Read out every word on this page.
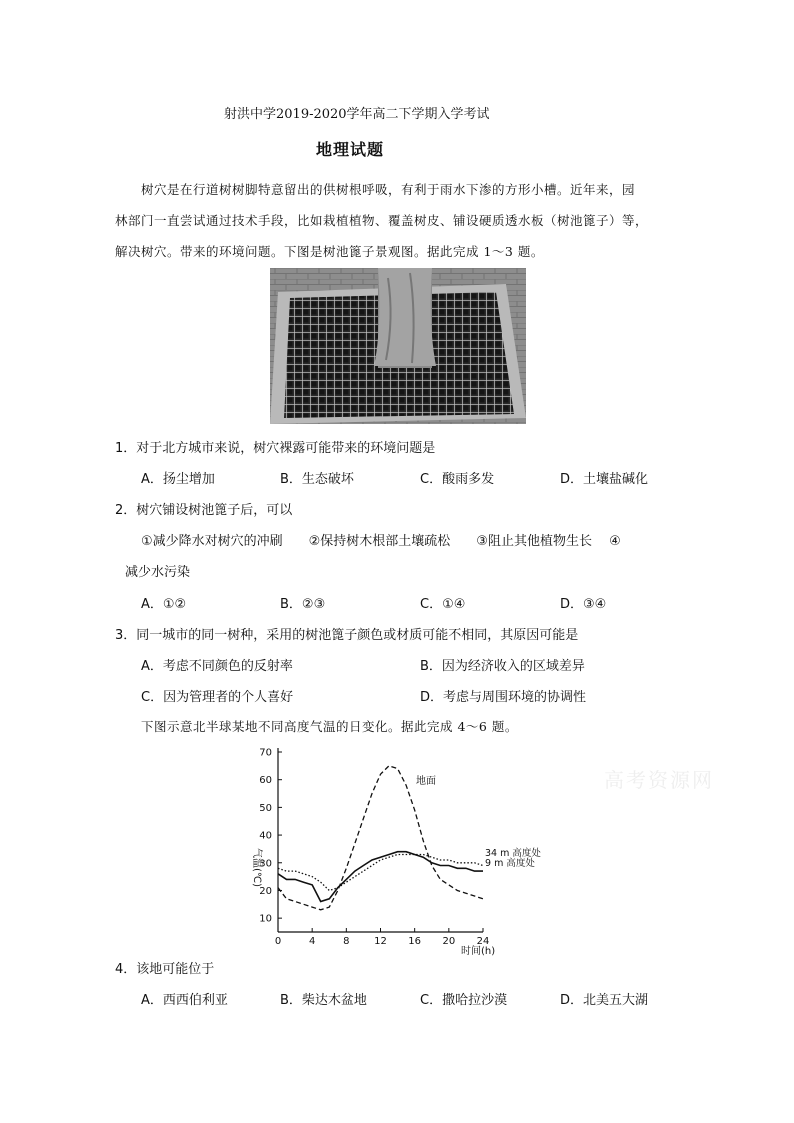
射洪中学2019-2020学年高二下学期入学考试
地理试题
树穴是在行道树树脚特意留出的供树根呼吸，有利于雨水下渗的方形小槽。近年来，园
林部门一直尝试通过技术手段，比如栽植植物、覆盖树皮、铺设硬质透水板（树池篦子）等，
解决树穴。带来的环境问题。下图是树池篦子景观图。据此完成 1～3 题。
1．对于北方城市来说，树穴裸露可能带来的环境问题是
A．扬尘增加	B．生态破坏	C．酸雨多发	D．土壤盐碱化
2．树穴铺设树池篦子后，可以
①减少降水对树穴的冲刷　　②保持树木根部土壤疏松　　③阻止其他植物生长　 ④
减少水污染
A．①②	B．②③	C．①④	D．③④
3．同一城市的同一树种，采用的树池篦子颜色或材质可能不相同，其原因可能是
A．考虑不同颜色的反射率	B．因为经济收入的区域差异
C．因为管理者的个人喜好	D．考虑与周围环境的协调性
下图示意北半球某地不同高度气温的日变化。据此完成 4～6 题。
高考资源网
10
20
30
40
50
60
70
0	4	8 12 16 20 24
地面
34 m 高度处
9 m 高度处
气温(℃)
时间(h)
4．该地可能位于
A．西西伯利亚	B．柴达木盆地	C．撒哈拉沙漠	D．北美五大湖
